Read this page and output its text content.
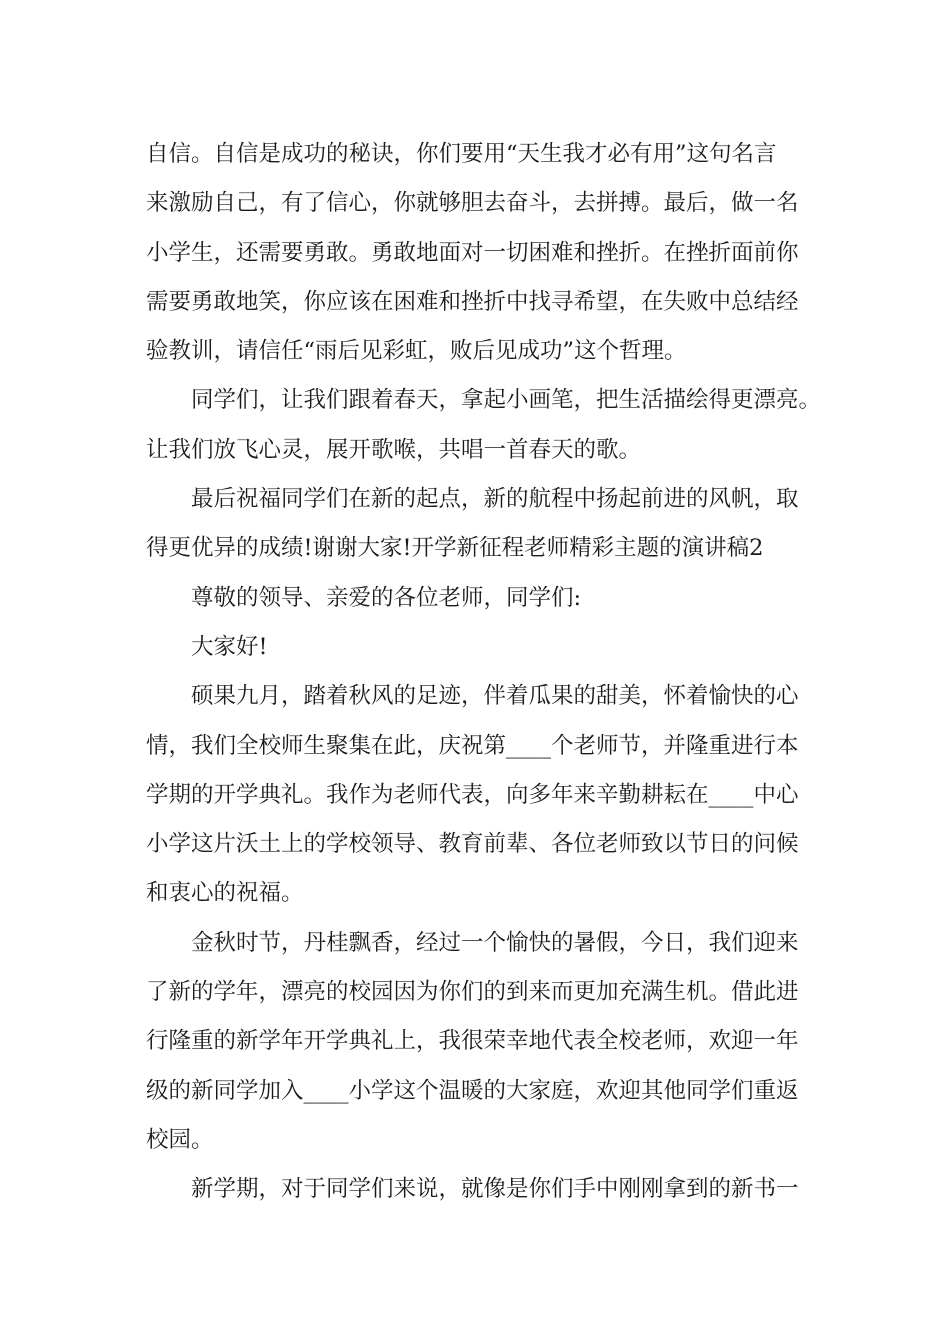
自信。自信是成功的秘诀，你们要用“天生我才必有用”这句名言
来激励自己，有了信心，你就够胆去奋斗，去拼搏。最后，做一名
小学生，还需要勇敢。勇敢地面对一切困难和挫折。在挫折面前你
需要勇敢地笑，你应该在困难和挫折中找寻希望，在失败中总结经
验教训，请信任“雨后见彩虹，败后见成功”这个哲理。
同学们，让我们跟着春天，拿起小画笔，把生活描绘得更漂亮。
让我们放飞心灵，展开歌喉，共唱一首春天的歌。
最后祝福同学们在新的起点，新的航程中扬起前进的风帆，取
得更优异的成绩!谢谢大家!开学新征程老师精彩主题的演讲稿2
尊敬的领导、亲爱的各位老师，同学们:
大家好!
硕果九月，踏着秋风的足迹，伴着瓜果的甜美，怀着愉快的心
情，我们全校师生聚集在此，庆祝第____个老师节，并隆重进行本
学期的开学典礼。我作为老师代表，向多年来辛勤耕耘在____中心
小学这片沃土上的学校领导、教育前辈、各位老师致以节日的问候
和衷心的祝福。
金秋时节，丹桂飘香，经过一个愉快的暑假，今日，我们迎来
了新的学年，漂亮的校园因为你们的到来而更加充满生机。借此进
行隆重的新学年开学典礼上，我很荣幸地代表全校老师，欢迎一年
级的新同学加入____小学这个温暖的大家庭，欢迎其他同学们重返
校园。
新学期，对于同学们来说，就像是你们手中刚刚拿到的新书一
